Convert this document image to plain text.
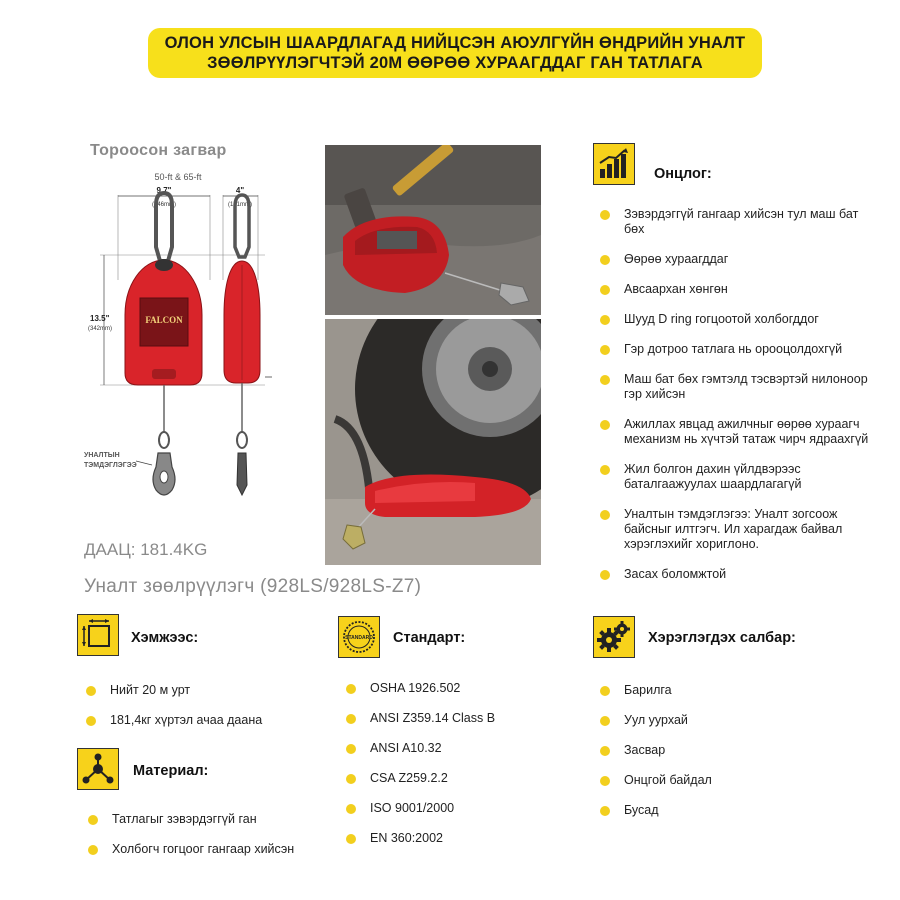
ОЛОН УЛСЫН ШААРДЛАГАД НИЙЦСЭН АЮУЛГҮЙН ӨНДРИЙН УНАЛТ
ЗӨӨЛРҮҮЛЭГЧТЭЙ 20М ӨӨРӨӨ ХУРААГДДАГ ГАН ТАТЛАГА
Тороосон загвар
50-ft & 65-ft
9.7"
(246mm)
4"
(101mm)
13.5"
(342mm)
FALCON
УНАЛТЫН
ТЭМДЭГЛЭГЭЭ
ДААЦ: 181.4KG
Уналт зөөлрүүлэгч (928LS/928LS-Z7)
Онцлог:
Зэвэрдэггүй гангаар хийсэн тул маш бат бөх
Өөрөө хураагддаг
Авсаархан хөнгөн
Шууд D ring гогцоотой холбогддог
Гэр дотроо татлага нь орооцолдохгүй
Маш бат бөх гэмтэлд тэсвэртэй нилоноор гэр хийсэн
Ажиллах явцад ажилчныг өөрөө хураагч механизм нь хүчтэй татаж чирч ядраахгүй
Жил болгон дахин үйлдвэрээс баталгаажуулах шаардлагагүй
Уналтын тэмдэглэгээ: Уналт зогсоож байсныг илтгэгч. Ил харагдаж байвал хэрэглэхийг хориглоно.
Засах боломжтой
Хэмжээс:
Нийт 20 м урт
181,4кг хүртэл ачаа даана
Материал:
Татлагыг зэвэрдэггүй ган
Холбогч гогцоог гангаар хийсэн
STANDARD Стандарт:
OSHA 1926.502
ANSI Z359.14 Class B
ANSI A10.32
CSA Z259.2.2
ISO 9001/2000
EN 360:2002
Хэрэглэгдэх салбар:
Барилга
Уул уурхай
Засвар
Онцгой байдал
Бусад
